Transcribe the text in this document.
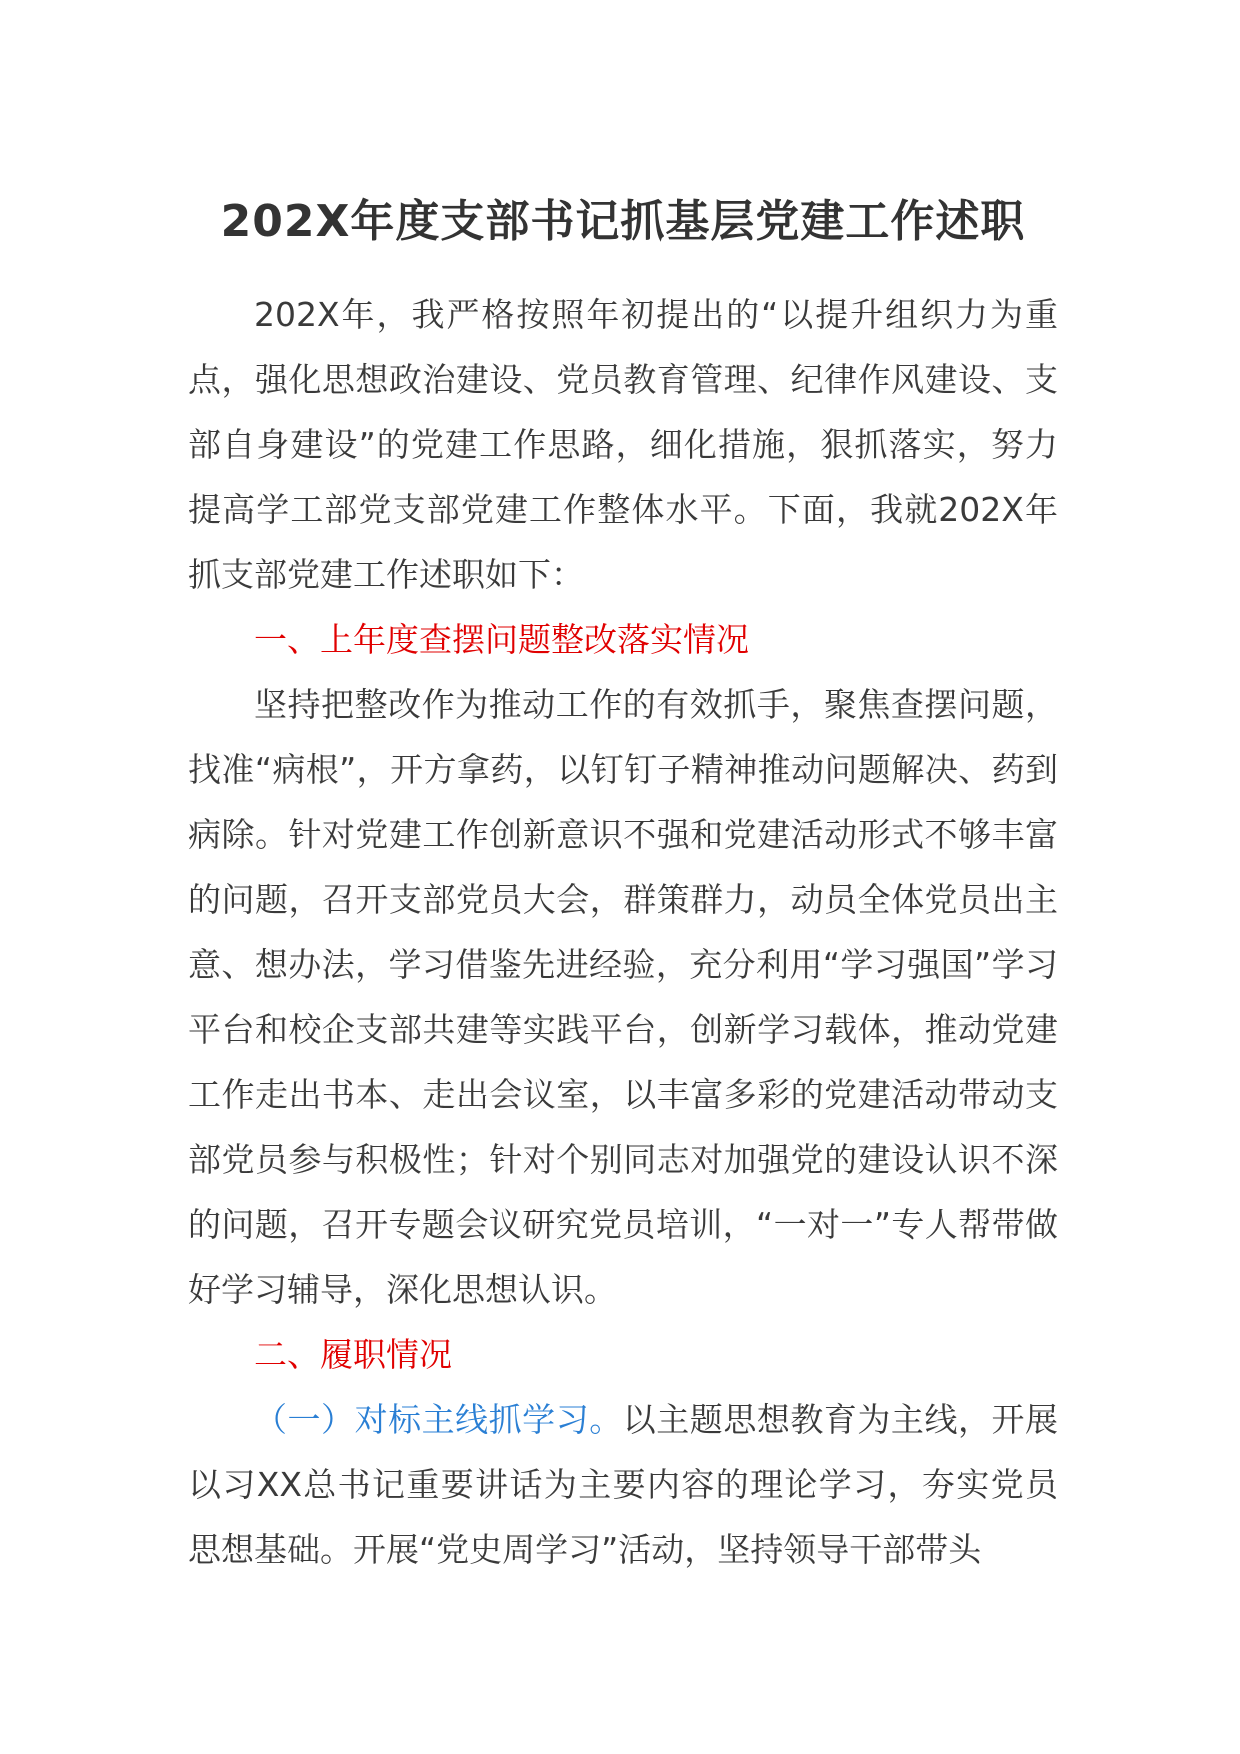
202X年度支部书记抓基层党建工作述职

202X年，我严格按照年初提出的“以提升组织力为重点，强化思想政治建设、党员教育管理、纪律作风建设、支部自身建设”的党建工作思路，细化措施，狠抓落实，努力提高学工部党支部党建工作整体水平。下面，我就202X年抓支部党建工作述职如下：

一、上年度查摆问题整改落实情况

坚持把整改作为推动工作的有效抓手，聚焦查摆问题，找准“病根”，开方拿药，以钉钉子精神推动问题解决、药到病除。针对党建工作创新意识不强和党建活动形式不够丰富的问题，召开支部党员大会，群策群力，动员全体党员出主意、想办法，学习借鉴先进经验，充分利用“学习强国”学习平台和校企支部共建等实践平台，创新学习载体，推动党建工作走出书本、走出会议室，以丰富多彩的党建活动带动支部党员参与积极性；针对个别同志对加强党的建设认识不深的问题，召开专题会议研究党员培训，“一对一”专人帮带做好学习辅导，深化思想认识。

二、履职情况

（一）对标主线抓学习。以主题思想教育为主线，开展以习XX总书记重要讲话为主要内容的理论学习，夯实党员思想基础。开展“党史周学习”活动，坚持领导干部带头
